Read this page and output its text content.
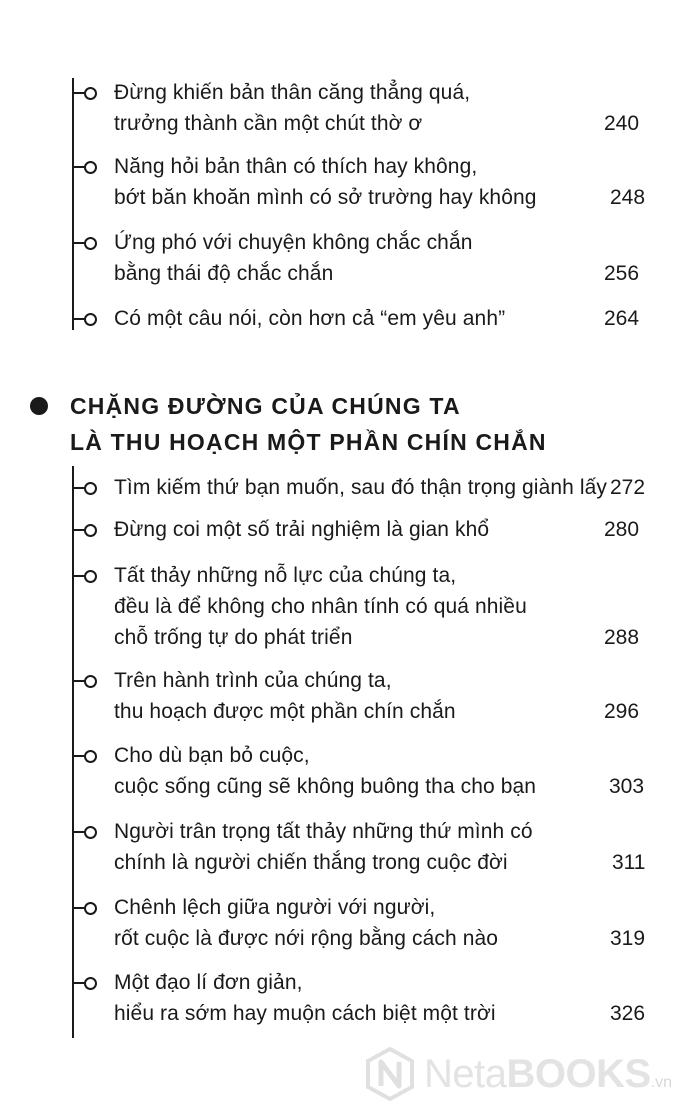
Đừng khiến bản thân căng thẳng quá,
trưởng thành cần một chút thờ ơ	240
Năng hỏi bản thân có thích hay không,
bớt băn khoăn mình có sở trường hay không	248
Ứng phó với chuyện không chắc chắn
bằng thái độ chắc chắn	256
Có một câu nói, còn hơn cả “em yêu anh”	264
CHẶNG ĐƯỜNG CỦA CHÚNG TA
LÀ THU HOẠCH MỘT PHẦN CHÍN CHẮN
Tìm kiếm thứ bạn muốn, sau đó thận trọng giành lấy 272
Đừng coi một số trải nghiệm là gian khổ	280
Tất thảy những nỗ lực của chúng ta,
đều là để không cho nhân tính có quá nhiều
chỗ trống tự do phát triển	288
Trên hành trình của chúng ta,
thu hoạch được một phần chín chắn	296
Cho dù bạn bỏ cuộc,
cuộc sống cũng sẽ không buông tha cho bạn	303
Người trân trọng tất thảy những thứ mình có
chính là người chiến thắng trong cuộc đời	311
Chênh lệch giữa người với người,
rốt cuộc là được nới rộng bằng cách nào	319
Một đạo lí đơn giản,
hiểu ra sớm hay muộn cách biệt một trời	326
NetaBOOKS.vn
